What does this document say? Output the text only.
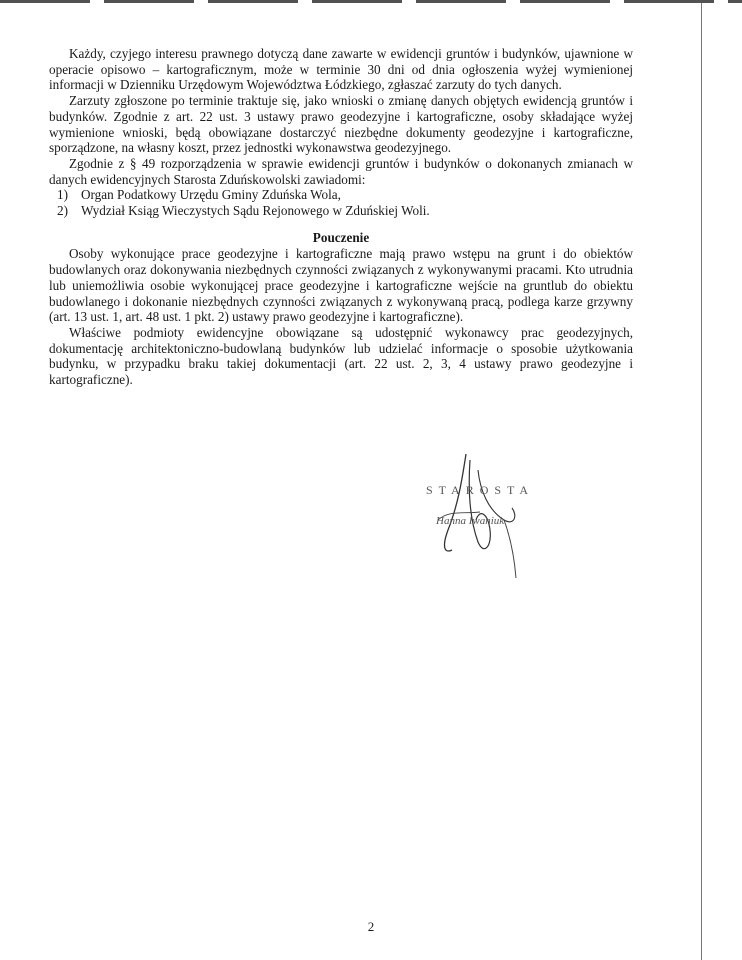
Każdy, czyjego interesu prawnego dotyczą dane zawarte w ewidencji gruntów i budynków, ujawnione w operacie opisowo – kartograficznym, może w terminie 30 dni od dnia ogłoszenia wyżej wymienionej informacji w Dzienniku Urzędowym Województwa Łódzkiego, zgłaszać zarzuty do tych danych.

Zarzuty zgłoszone po terminie traktuje się, jako wnioski o zmianę danych objętych ewidencją gruntów i budynków. Zgodnie z art. 22 ust. 3 ustawy prawo geodezyjne i kartograficzne, osoby składające wyżej wymienione wnioski, będą obowiązane dostarczyć niezbędne dokumenty geodezyjne i kartograficzne, sporządzone, na własny koszt, przez jednostki wykonawstwa geodezyjnego.

Zgodnie z § 49 rozporządzenia w sprawie ewidencji gruntów i budynków o dokonanych zmianach w danych ewidencyjnych Starosta Zduńskowolski zawiadomi:

1) Organ Podatkowy Urzędu Gminy Zduńska Wola,
2) Wydział Ksiąg Wieczystych Sądu Rejonowego w Zduńskiej Woli.

Pouczenie

Osoby wykonujące prace geodezyjne i kartograficzne mają prawo wstępu na grunt i do obiektów budowlanych oraz dokonywania niezbędnych czynności związanych z wykonywanymi pracami. Kto utrudnia lub uniemożliwia osobie wykonującej prace geodezyjne i kartograficzne wejście na gruntlub do obiektu budowlanego i dokonanie niezbędnych czynności związanych z wykonywaną pracą, podlega karze grzywny (art. 13 ust. 1, art. 48 ust. 1 pkt. 2) ustawy prawo geodezyjne i kartograficzne).

Właściwe podmioty ewidencyjne obowiązane są udostępnić wykonawcy prac geodezyjnych, dokumentację architektoniczno-budowlaną budynków lub udzielać informacje o sposobie użytkowania budynku, w przypadku braku takiej dokumentacji (art. 22 ust. 2, 3, 4 ustawy prawo geodezyjne i kartograficzne).

STAROSTA
Hanna Iwaniuk
2
